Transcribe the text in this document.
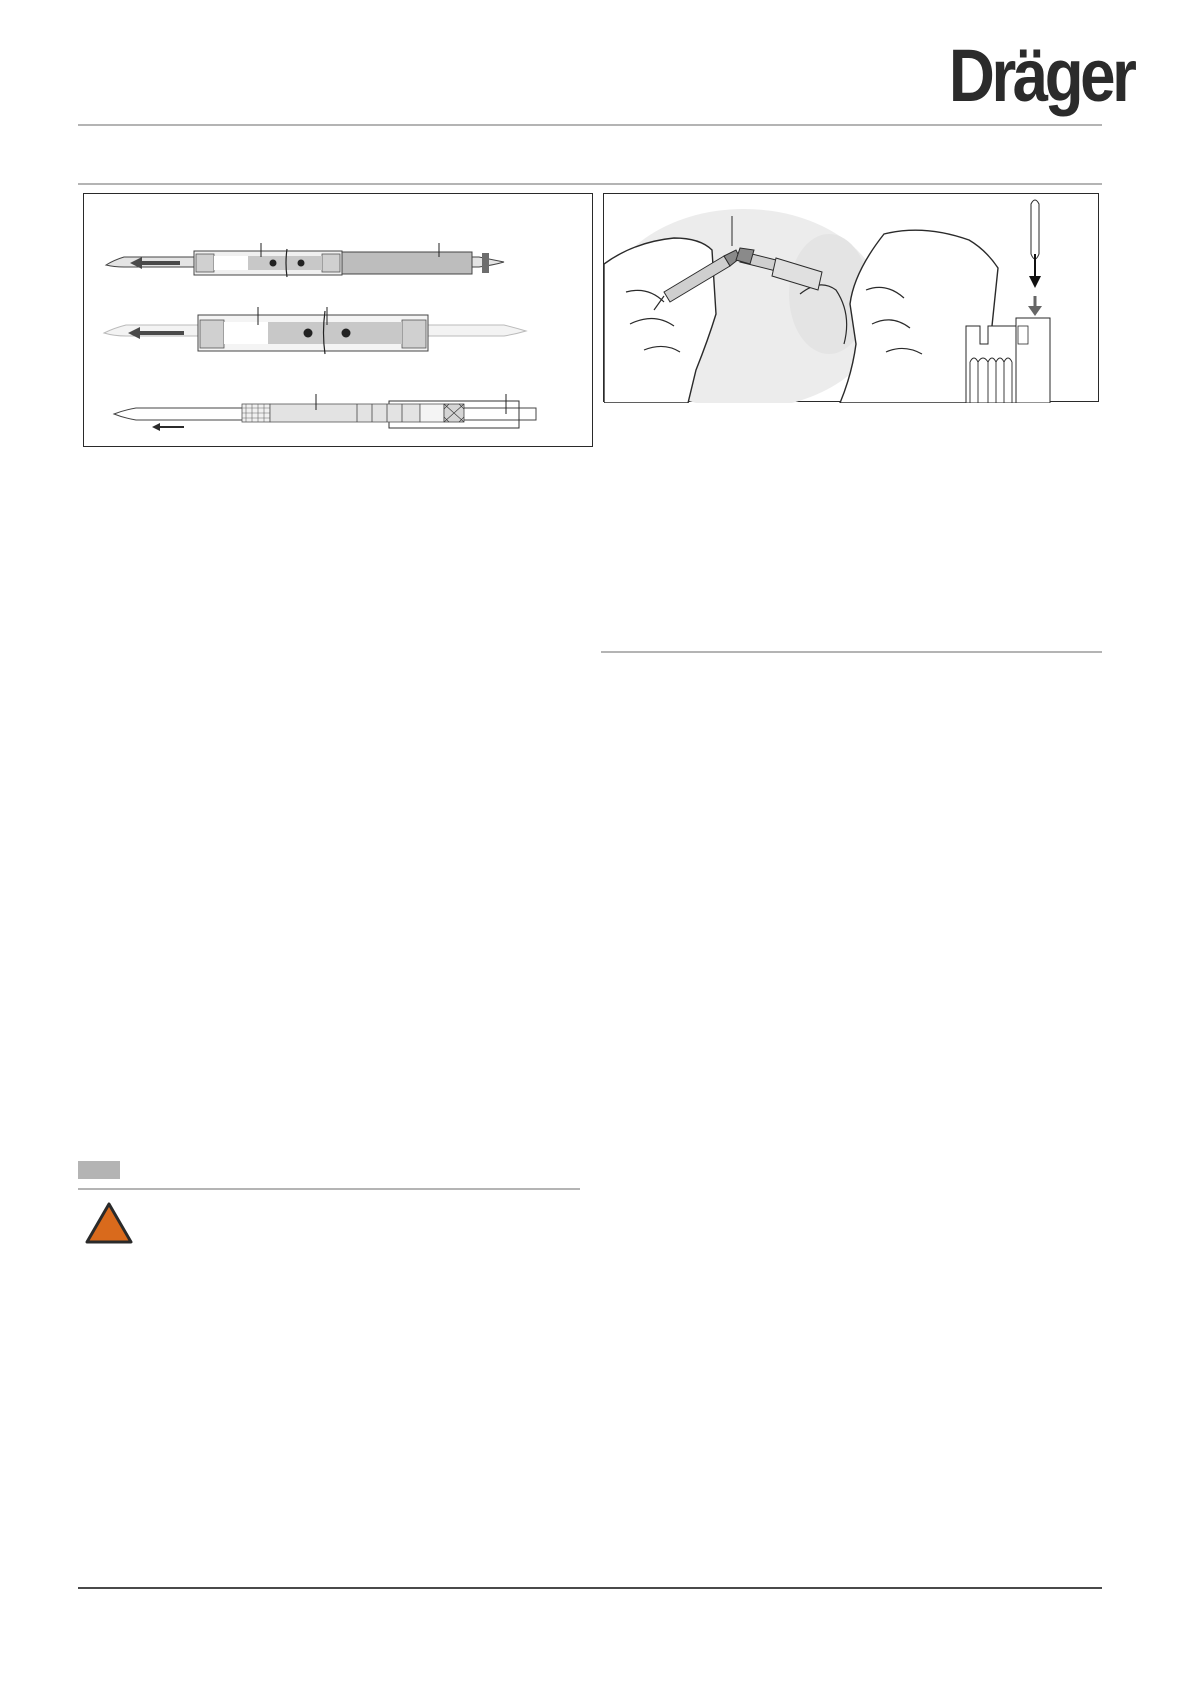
Dräger
